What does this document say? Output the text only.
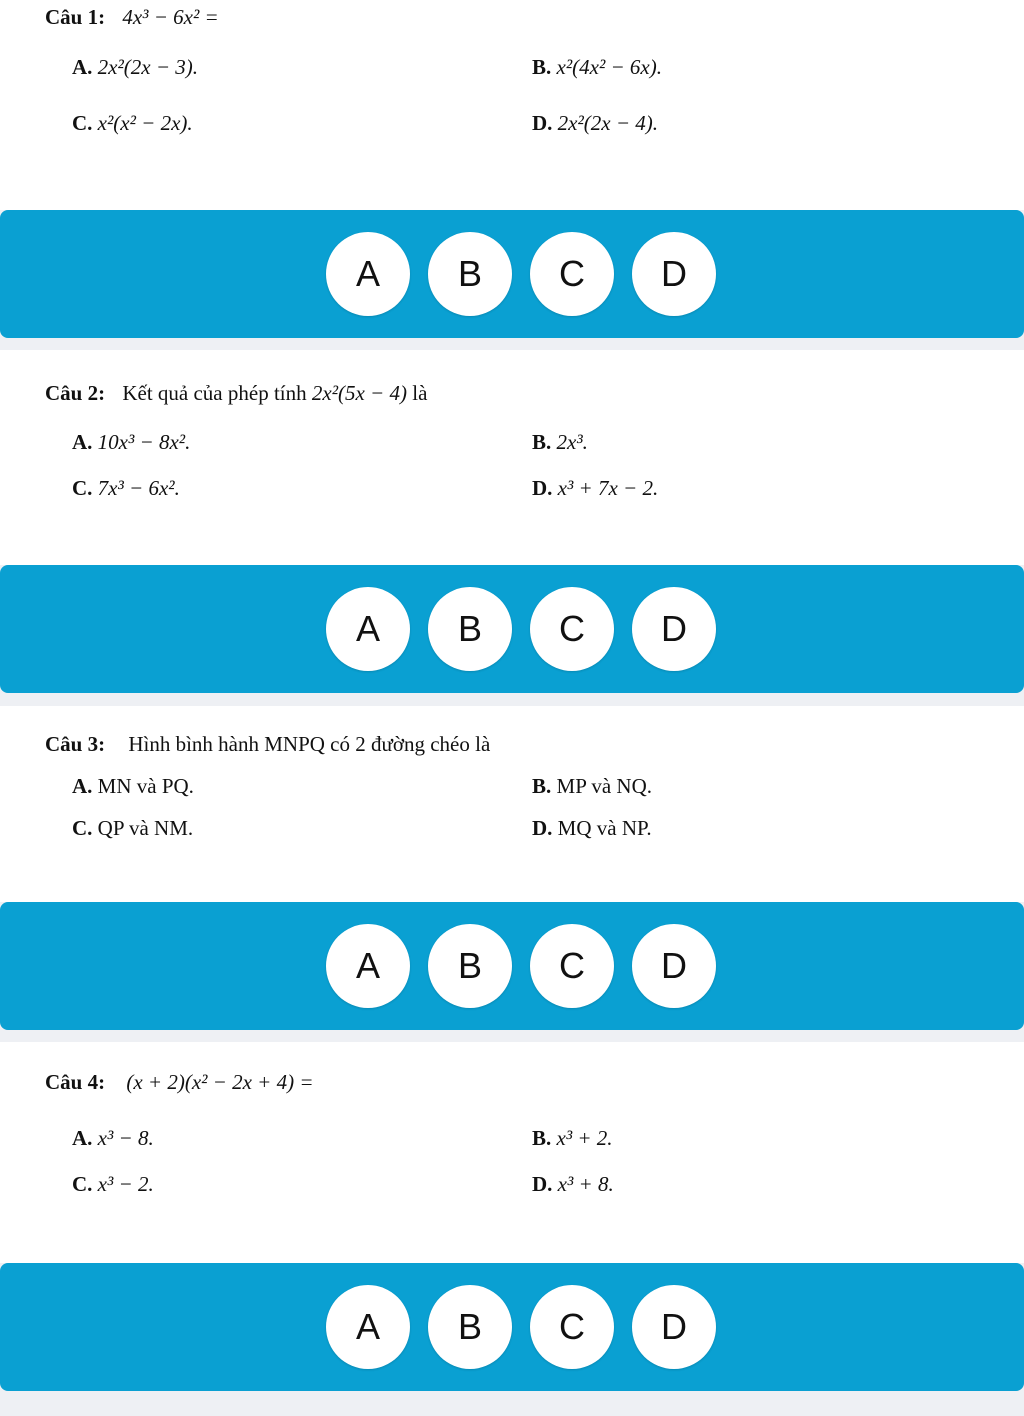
Câu 1: 4x³ − 6x² =
A. 2x²(2x − 3).	B. x²(4x² − 6x).
C. x²(x² − 2x).	D. 2x²(2x − 4).
A	B	C	D
Câu 2: Kết quả của phép tính 2x²(5x − 4) là
A. 10x³ − 8x².	B. 2x³.
C. 7x³ − 6x².	D. x³ + 7x − 2.
A	B	C	D
Câu 3: Hình bình hành MNPQ có 2 đường chéo là
A. MN và PQ.	B. MP và NQ.
C. QP và NM.	D. MQ và NP.
A	B	C	D
Câu 4: (x + 2)(x² − 2x + 4) =
A. x³ − 8.	B. x³ + 2.
C. x³ − 2.	D. x³ + 8.
A	B	C	D
